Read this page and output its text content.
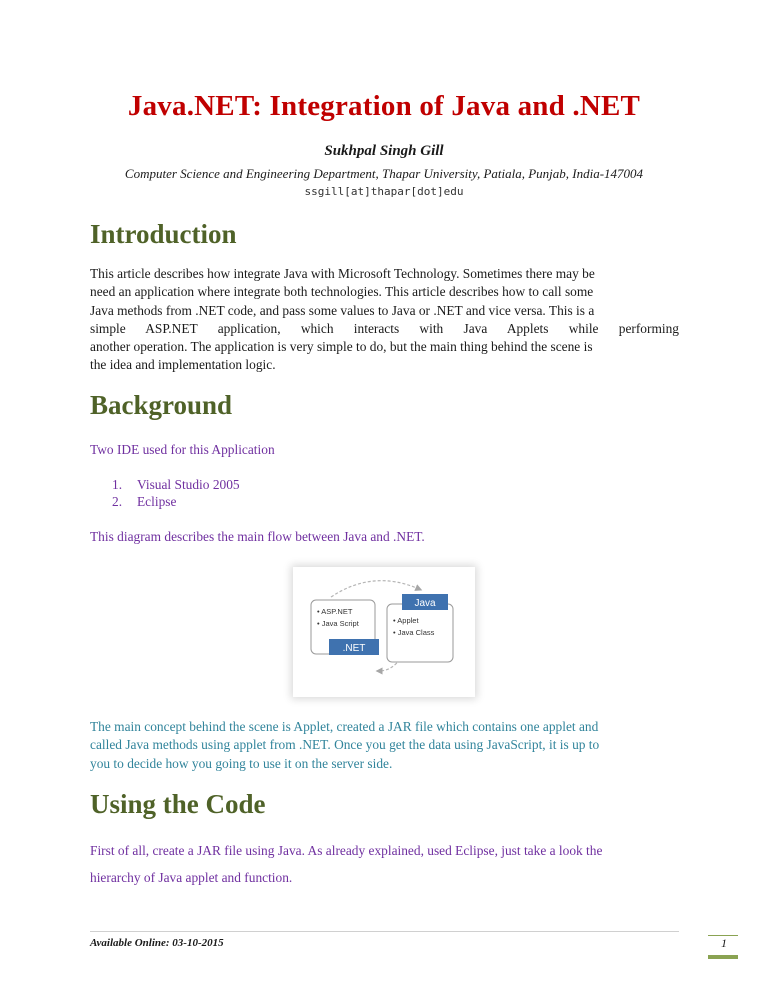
Java.NET: Integration of Java and .NET
Sukhpal Singh Gill
Computer Science and Engineering Department, Thapar University, Patiala, Punjab, India-147004
ssgill[at]thapar[dot]edu
Introduction
This article describes how integrate Java with Microsoft Technology. Sometimes there may be
need an application where integrate both technologies. This article describes how to call some
Java methods from .NET code, and pass some values to Java or .NET and vice versa. This is a
simple ASP.NET application, which interacts with Java Applets while performing
another operation. The application is very simple to do, but the main thing behind the scene is
the idea and implementation logic.
Background
Two IDE used for this Application
1. Visual Studio 2005
2. Eclipse
This diagram describes the main flow between Java and .NET.
• ASP.NET
• Java Script
.NET
Java
• Applet
• Java Class
The main concept behind the scene is Applet, created a JAR file which contains one applet and
called Java methods using applet from .NET. Once you get the data using JavaScript, it is up to
you to decide how you going to use it on the server side.
Using the Code
First of all, create a JAR file using Java. As already explained, used Eclipse, just take a look the
hierarchy of Java applet and function.
Available Online: 03-10-2015	1
